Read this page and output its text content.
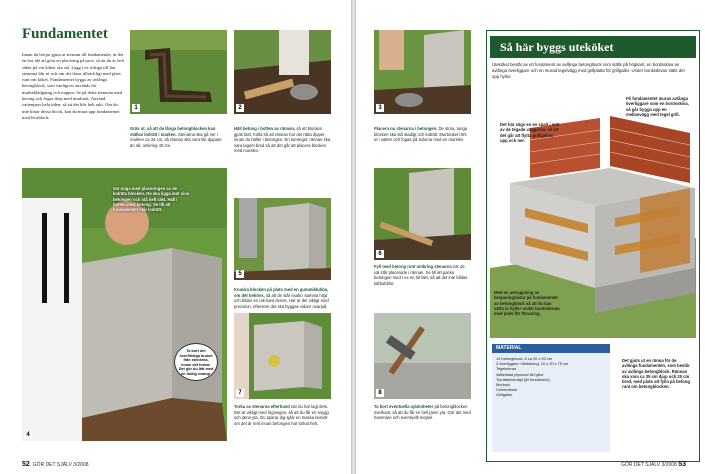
Fundamentet

Innan du börjar gjuta ut stensun till fundamentet, är det en bra idé att göra en placering på prov, så att du är helt säker på var köket ska stå. Lägg t ex rörliga till hur stenarna blir ut och om det finns tillräckligt med plats runt om köket. Fundamentet byggs av avlånga betongblock, som vanligtvis används för murbeklädgning och trappor. Se på detta stenarna med betong och fogas ihop med murbruk. Använd vattenpass hela tiden, så att det blir helt rakt. Om du inte hittar dessa block, kan du mura upp fundamentet med lecablock.

1	2

Gräv ut, så att de långa betongblocken kan ställas lodrätt i marken. Stenarna ska gå ner i marken ca 34 cm, så rännan ska vara lite djupare än så, omkring 40 cm.

Häll betong i botten av rännan, så att blocken gjuts fast. Kolla så att rännan har det rätta djupet innan du häller i betongen. En tumregel: rännan ska vara lagom bred så att det går att placera blocken med murslev.

4

Var noga med placeringen av de lodräta blocken. De ska ligga mot sina betongen och stå helt rakt. Häll i botten med betong. Se till att fundamentet står lodrätt.

Ta bort det överflödiga bruket från stenarna, innan det torkar. Det gör du lätt med en fuktig svamp.
5

Knacka blocken på plats med en gummiklubba, om det behövs, så att de står exakt i samma höjd och bildar en rak kant överst. Här är det viktigt med precision, eftersom det ska byggas vidare ovanpå.

7

Torka av stenarna efterhand när du har lagt dem. Det är viktigt med fogningen, så att du får en snygg och jämn yta. Du sparar dig själv en massa besvär om det är rent innan betongen har torkat helt.

52 GÖR DET SJÄLV 3/2008
3

Placera nu stenarna i betongen. De stora, tunga blocken ska stå stadigt och lodrätt. Murbruket rörs ut i vatten och fogas på sidorna med en murslev.

6

Fyll med betong runt omkring stenarna när de väl står placerade i rännan. Se till att packa betongen med t ex en bit läkt, så att det inte bildas luftbubblor.

8

Ta bort eventuella ojämnheter på betongblocken överkant, så att du får en helt jämn yta. Gör det med hammare och eventuellt mejsel.

Så här byggs uteköket

Uteköket består av ett fundament av avlånga betongblock som ställs på högkant, en bordsskiva av avlånga överliggare och en murad tegelvägg med grillplatta för grillgaller. Under bordsskivan sätts det upp hyllor.

Det här sägs en en spalt i mitt av de tegade väggarna, så att det går att flytta grillgallret upp och ner.

På fundamentet muras avlånga överliggare som en bordsskiva, så går bygga upp en mellanvägg med tegel grill.

Med en avtrappning av besparingsbitar på fundamentet av betongblock så att du kan sätta in hyllor under bordsskivan med plats för förvaring.

Det gjuts ut en ränna för de avlånga fundamenten, som består av avlånga betongblock. Rännan ska vara ca 35 cm djup och 20 cm bred, med plats att fylla på betong runt om betongblocken.

MATERIAL
14 betongblock, 6 ca 20 x 90 cm
3 överliggare i lättbetong, 10 x 20 x 75 cm
Tegelstenar
Vattenfast plywood till hyllor
Tumfabriceratpl (till fundament)
Murbruk
Cementbruk
Grillgaller
GÖR DET SJÄLV 3/2008 53
